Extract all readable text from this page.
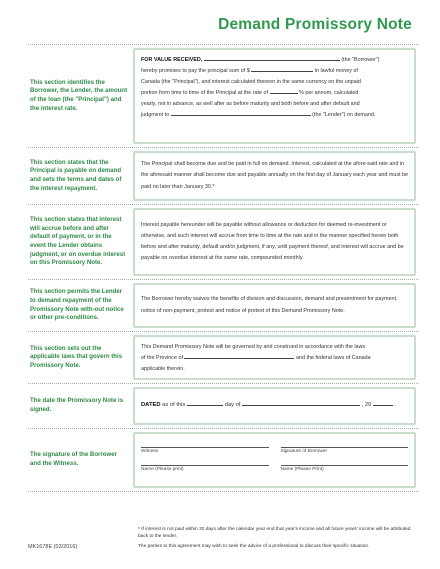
Demand Promissory Note
This section identifies the Borrower, the Lender, the amount of the loan (the "Principal") and the interest rate.
FOR VALUE RECEIVED,	(the "Borrower")
hereby promises to pay the principal sum of $	in lawful money of
Canada (the "Principal"), and interest calculated thereon in the same currency on the unpaid
portion from time to time of the Principal at the rate of	% per annum, calculated
yearly, not in advance, as well after as before maturity and both before and after default and
judgment to	(the "Lender") on demand.
This section states that the Principal is payable on demand and sets the terms and dates of the interest repayment.
The Principal shall become due and be paid in full on demand. Interest, calculated at the afore-said rate and in the aforesaid manner shall become due and payable annually on the first day of January each year and must be paid no later than January 30.*
This section states that interest will accrue before and after default of payment, or in the event the Lender obtains judgment, or on overdue interest on this Promissory Note.
Interest payable hereunder will be payable without allowance or deduction for deemed re-investment or otherwise, and such interest will accrue from time to time at the rate and in the manner specified herein both before and after maturity, default and/or judgment, if any, until payment thereof, and interest will accrue and be payable on overdue interest at the same rate, compounded monthly.
This section permits the Lender to demand repayment of the Promissory Note with-out notice or other pre-conditions.
The Borrower hereby waives the benefits of division and discussion, demand and presentment for payment, notice of non-payment, protest and notice of protest of this Demand Promissory Note.
This section sets out the applicable laws that govern this Promissory Note.
This Demand Promissory Note will be governed by and construed in accordance with the laws
of the Province of	and the federal laws of Canada
applicable therein.
The date the Promissory Note is signed.
DATED as of this	day of	, 20	.
The signature of the Borrower and the Witness.
Witness
Name (Please print)
Signature of Borrower
Name (Please Print)

* If interest is not paid within 30 days after the calendar year end that year's income and all future years' income will be attributed back to the lender.

The parties to this agreement may wish to seek the advice of a professional to discuss their specific situation.

MK1678E (03/2016)
